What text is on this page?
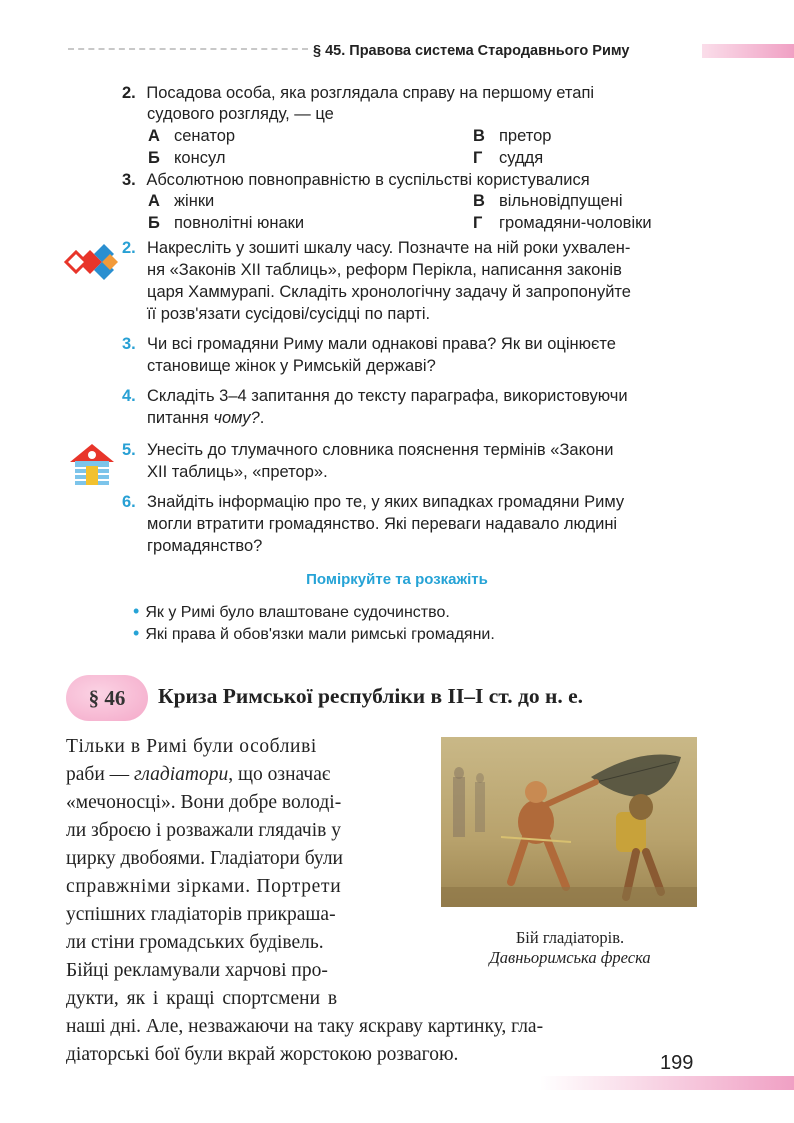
§ 45. Правова система Стародавнього Риму
2. Посадова особа, яка розглядала справу на першому етапі
судового розгляду, — це
А сенатор	В претор
Б консул	Г суддя
3. Абсолютною повноправністю в суспільстві користувалися
А жінки	В вільновідпущені
Б повнолітні юнаки	Г громадяни-чоловіки
2. Накресліть у зошиті шкалу часу. Позначте на ній роки ухвален-
ня «Законів XII таблиць», реформ Перікла, написання законів
царя Хаммурапі. Складіть хронологічну задачу й запропонуйте
її розв'язати сусідові/сусідці по парті.
3. Чи всі громадяни Риму мали однакові права? Як ви оцінюєте
становище жінок у Римській державі?
4. Складіть 3–4 запитання до тексту параграфа, використовуючи
питання чому?.
5. Унесіть до тлумачного словника пояснення термінів «Закони
XII таблиць», «претор».
6. Знайдіть інформацію про те, у яких випадках громадяни Риму
могли втратити громадянство. Які переваги надавало людині
громадянство?
Поміркуйте та розкажіть
• Як у Римі було влаштоване судочинство.
• Які права й обов'язки мали римські громадяни.
§ 46	Криза Римської республіки в II–I ст. до н. е.
Тільки в Римі були особливі
раби — гладіатори, що означає
«мечоносці». Вони добре володі-
ли зброєю і розважали глядачів у
цирку двобоями. Гладіатори були
справжніми зірками. Портрети
успішних гладіаторів прикраша-
ли стіни громадських будівель.
Бійці рекламували харчові про-
дукти, як і кращі спортсмени в
наші дні. Але, незважаючи на таку яскраву картинку, гла-
діаторські бої були вкрай жорстокою розвагою.
Бій гладіаторів.
Давньоримська фреска
199
